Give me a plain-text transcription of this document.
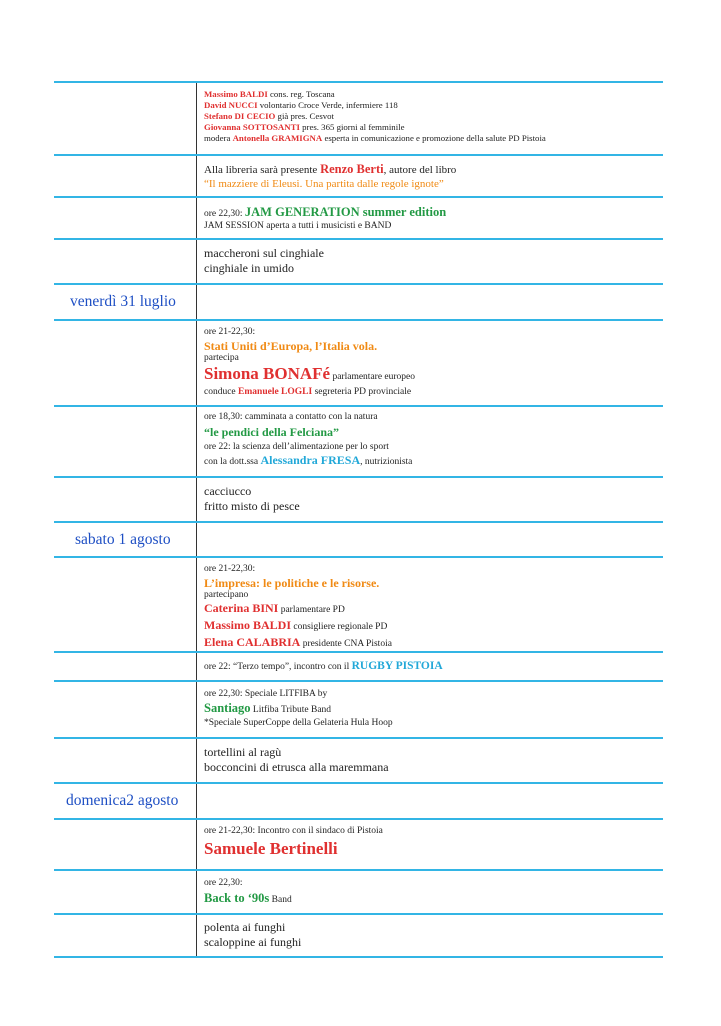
Massimo BALDI cons. reg. Toscana
David NUCCI volontario Croce Verde, infermiere 118
Stefano DI CECIO già pres. Cesvot
Giovanna SOTTOSANTI pres. 365 giorni al femminile
modera Antonella GRAMIGNA esperta in comunicazione e promozione della salute PD Pistoia
Alla libreria sarà presente Renzo Berti, autore del libro
“Il mazziere di Eleusi. Una partita dalle regole ignote”
ore 22,30: JAM GENERATION summer edition
JAM SESSION aperta a tutti i musicisti e BAND
maccheroni sul cinghiale
cinghiale in umido
venerdì 31 luglio
ore 21-22,30:
Stati Uniti d’Europa, l’Italia vola.
partecipa
Simona BONAFé parlamentare europeo
conduce Emanuele LOGLI segreteria PD provinciale
ore 18,30: camminata a contatto con la natura
“le pendici della Felciana”
ore 22: la scienza dell’alimentazione per lo sport
con la dott.ssa Alessandra FRESA, nutrizionista
cacciucco
fritto misto di pesce
sabato 1 agosto
ore 21-22,30:
L’impresa: le politiche e le risorse.
partecipano
Caterina BINI parlamentare PD
Massimo BALDI consigliere regionale PD
Elena CALABRIA presidente CNA Pistoia
ore 22: “Terzo tempo”, incontro con il RUGBY PISTOIA
ore 22,30: Speciale LITFIBA by
Santiago Litfiba Tribute Band
*Speciale SuperCoppe della Gelateria Hula Hoop
tortellini al ragù
bocconcini di etrusca alla maremmana
domenica2 agosto
ore 21-22,30: Incontro con il sindaco di Pistoia
Samuele Bertinelli
ore 22,30:
Back to ‘90s Band
polenta ai funghi
scaloppine ai funghi
